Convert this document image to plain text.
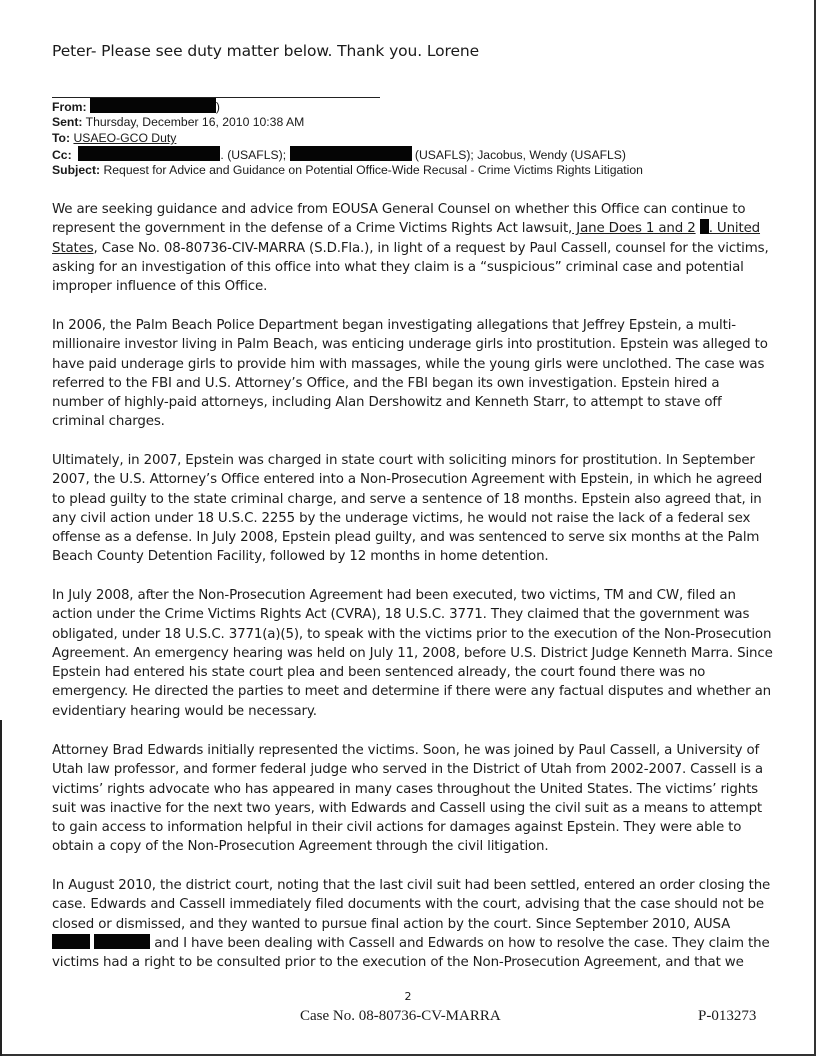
Peter- Please see duty matter below. Thank you. Lorene
From:	)
Sent: Thursday, December 16, 2010 10:38 AM
To: USAEO-GCO Duty
Cc:	. (USAFLS);	(USAFLS); Jacobus, Wendy (USAFLS)
Subject: Request for Advice and Guidance on Potential Office-Wide Recusal - Crime Victims Rights Litigation

We are seeking guidance and advice from EOUSA General Counsel on whether this Office can continue to represent the government in the defense of a Crime Victims Rights Act lawsuit, Jane Does 1 and 2 . United States, Case No. 08-80736-CIV-MARRA (S.D.Fla.), in light of a request by Paul Cassell, counsel for the victims, asking for an investigation of this office into what they claim is a “suspicious” criminal case and potential improper influence of this Office.

In 2006, the Palm Beach Police Department began investigating allegations that Jeffrey Epstein, a multi-millionaire investor living in Palm Beach, was enticing underage girls into prostitution. Epstein was alleged to have paid underage girls to provide him with massages, while the young girls were unclothed. The case was referred to the FBI and U.S. Attorney’s Office, and the FBI began its own investigation. Epstein hired a number of highly-paid attorneys, including Alan Dershowitz and Kenneth Starr, to attempt to stave off criminal charges.

Ultimately, in 2007, Epstein was charged in state court with soliciting minors for prostitution. In September 2007, the U.S. Attorney’s Office entered into a Non-Prosecution Agreement with Epstein, in which he agreed to plead guilty to the state criminal charge, and serve a sentence of 18 months. Epstein also agreed that, in any civil action under 18 U.S.C. 2255 by the underage victims, he would not raise the lack of a federal sex offense as a defense. In July 2008, Epstein plead guilty, and was sentenced to serve six months at the Palm Beach County Detention Facility, followed by 12 months in home detention.

In July 2008, after the Non-Prosecution Agreement had been executed, two victims, TM and CW, filed an action under the Crime Victims Rights Act (CVRA), 18 U.S.C. 3771. They claimed that the government was obligated, under 18 U.S.C. 3771(a)(5), to speak with the victims prior to the execution of the Non-Prosecution Agreement. An emergency hearing was held on July 11, 2008, before U.S. District Judge Kenneth Marra. Since Epstein had entered his state court plea and been sentenced already, the court found there was no emergency. He directed the parties to meet and determine if there were any factual disputes and whether an evidentiary hearing would be necessary.

Attorney Brad Edwards initially represented the victims. Soon, he was joined by Paul Cassell, a University of Utah law professor, and former federal judge who served in the District of Utah from 2002-2007. Cassell is a victims’ rights advocate who has appeared in many cases throughout the United States. The victims’ rights suit was inactive for the next two years, with Edwards and Cassell using the civil suit as a means to attempt to gain access to information helpful in their civil actions for damages against Epstein. They were able to obtain a copy of the Non-Prosecution Agreement through the civil litigation.

In August 2010, the district court, noting that the last civil suit had been settled, entered an order closing the case. Edwards and Cassell immediately filed documents with the court, advising that the case should not be closed or dismissed, and they wanted to pursue final action by the court. Since September 2010, AUSA
and I have been dealing with Cassell and Edwards on how to resolve the case. They claim the victims had a right to be consulted prior to the execution of the Non-Prosecution Agreement, and that we

2
Case No. 08-80736-CV-MARRA	P-013273
